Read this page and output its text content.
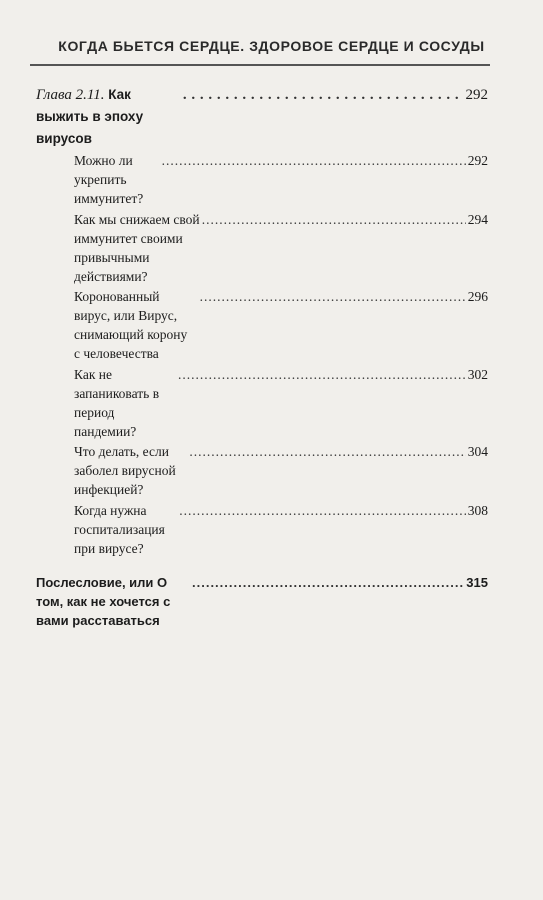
КОГДА БЬЕТСЯ СЕРДЦЕ. ЗДОРОВОЕ СЕРДЦЕ И СОСУДЫ
Глава 2.11. Как выжить в эпоху вирусов
. . .
292
Можно ли укрепить иммунитет?
.....
292
Как мы снижаем свой иммунитет своими привычными
действиями?
.....
294
Коронованный вирус, или Вирус, снимающий корону
с человечества
.....
296
Как не запаниковать в период пандемии?
.....
302
Что делать, если заболел вирусной инфекцией?
.....
304
Когда нужна госпитализация при вирусе?
.....
308
Послесловие, или О том, как не хочется с вами расставаться
.....
315
